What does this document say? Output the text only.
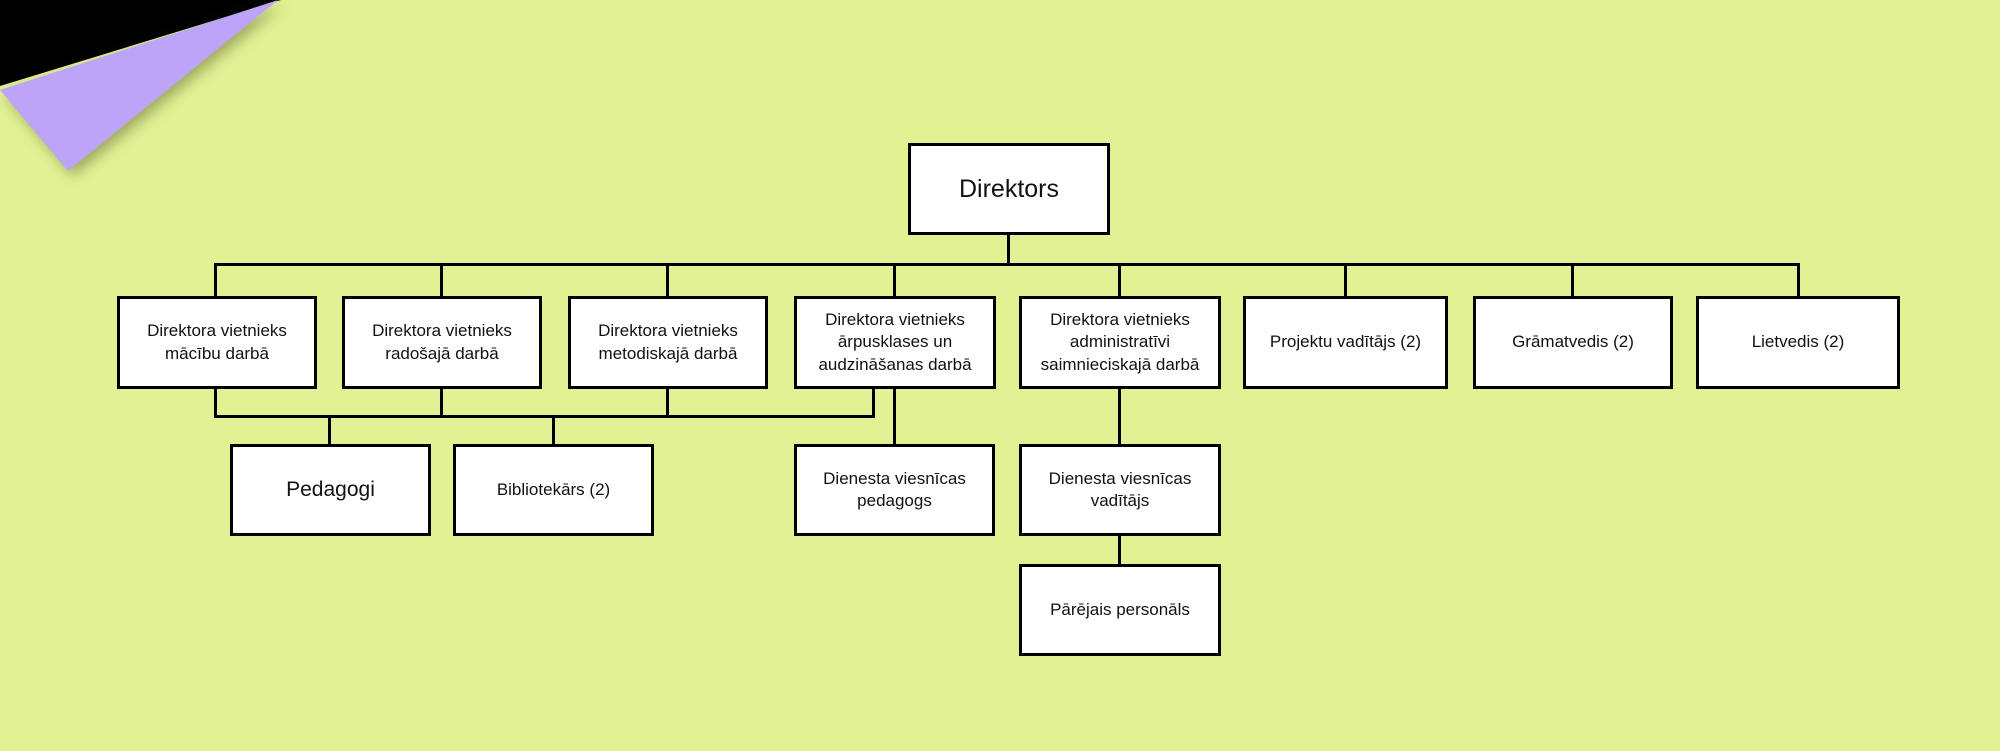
Direktors
Direktora vietnieks mācību darbā
Direktora vietnieks radošajā darbā
Direktora vietnieks metodiskajā darbā
Direktora vietnieks ārpusklases un audzināšanas darbā
Direktora vietnieks administratīvi saimnieciskajā darbā
Projektu vadītājs (2)	Grāmatvedis (2)	Lietvedis (2)
Pedagogi	Bibliotekārs (2)
Dienesta viesnīcas pedagogs
Dienesta viesnīcas vadītājs
Pārējais personāls
